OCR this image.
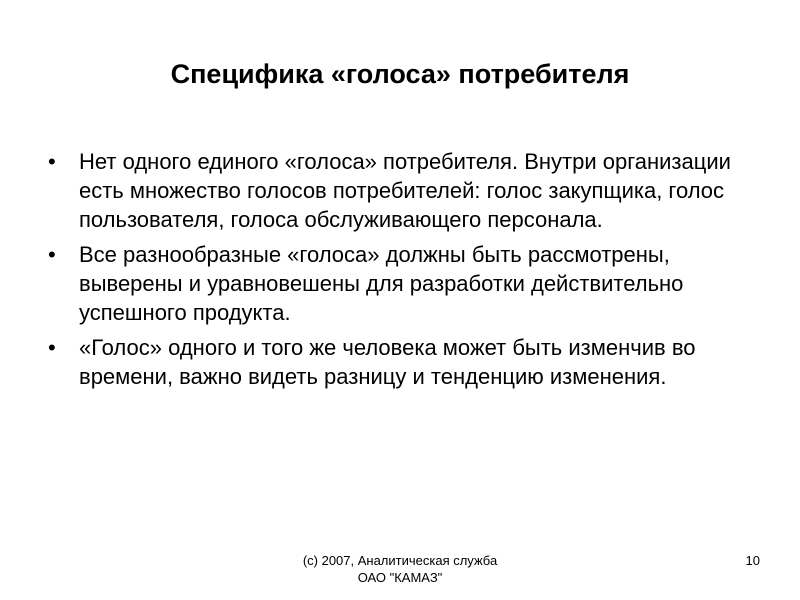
Специфика «голоса» потребителя
• Нет одного единого «голоса» потребителя. Внутри организации есть множество голосов потребителей: голос закупщика, голос пользователя, голоса обслуживающего персонала.
• Все разнообразные «голоса» должны быть рассмотрены, выверены и уравновешены для разработки действительно успешного продукта.
• «Голос» одного и того же человека может быть изменчив во времени, важно видеть разницу и тенденцию изменения.
(c) 2007, Аналитическая служба
ОАО "КАМАЗ"
10
